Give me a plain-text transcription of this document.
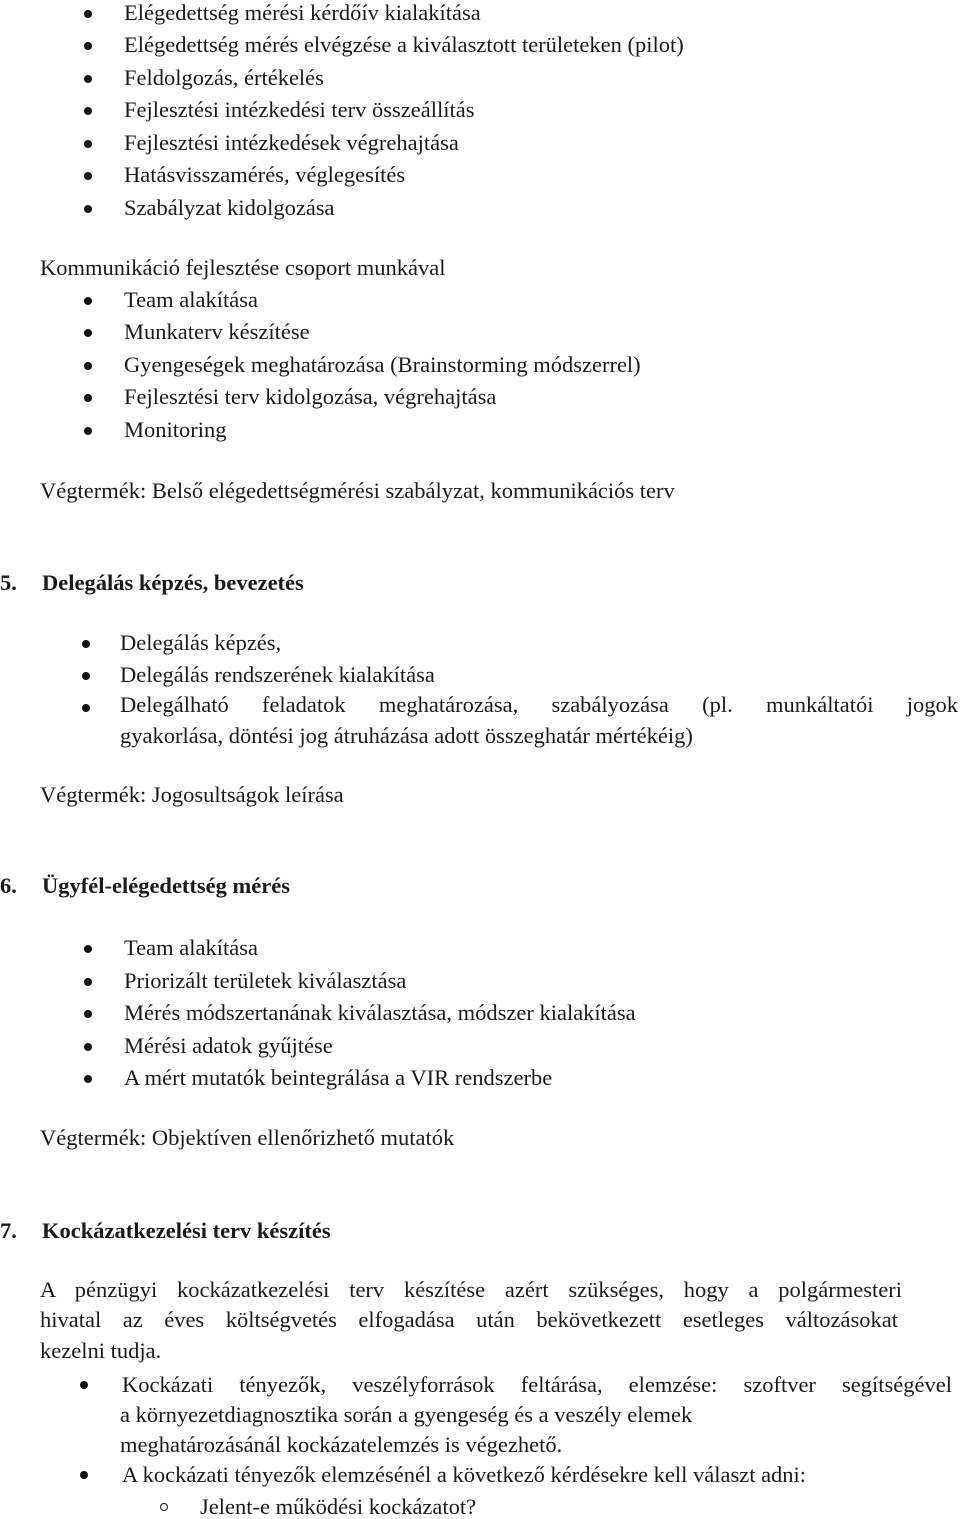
Elégedettség mérési kérdőív kialakítása
Elégedettség mérés elvégzése a kiválasztott területeken (pilot)
Feldolgozás, értékelés
Fejlesztési intézkedési terv összeállítás
Fejlesztési intézkedések végrehajtása
Hatásvisszamérés, véglegesítés
Szabályzat kidolgozása
Kommunikáció fejlesztése csoport munkával
Team alakítása
Munkaterv készítése
Gyengeségek meghatározása (Brainstorming módszerrel)
Fejlesztési terv kidolgozása, végrehajtása
Monitoring
Végtermék: Belső elégedettségmérési szabályzat, kommunikációs terv
5. Delegálás képzés, bevezetés
Delegálás képzés,
Delegálás rendszerének kialakítása
Delegálható feladatok meghatározása, szabályozása (pl. munkáltatói jogok
gyakorlása, döntési jog átruházása adott összeghatár mértékéig)
Végtermék: Jogosultságok leírása
6. Ügyfél-elégedettség mérés
Team alakítása
Priorizált területek kiválasztása
Mérés módszertanának kiválasztása, módszer kialakítása
Mérési adatok gyűjtése
A mért mutatók beintegrálása a VIR rendszerbe
Végtermék: Objektíven ellenőrizhető mutatók
7. Kockázatkezelési terv készítés
A pénzügyi kockázatkezelési terv készítése azért szükséges, hogy a polgármesteri
hivatal az éves költségvetés elfogadása után bekövetkezett esetleges változásokat
kezelni tudja.
Kockázati tényezők, veszélyforrások feltárása, elemzése: szoftver segítségével
a környezetdiagnosztika során a gyengeség és a veszély elemek
meghatározásánál kockázatelemzés is végezhető.
A kockázati tényezők elemzésénél a következő kérdésekre kell választ adni:
Jelent-e működési kockázatot?
